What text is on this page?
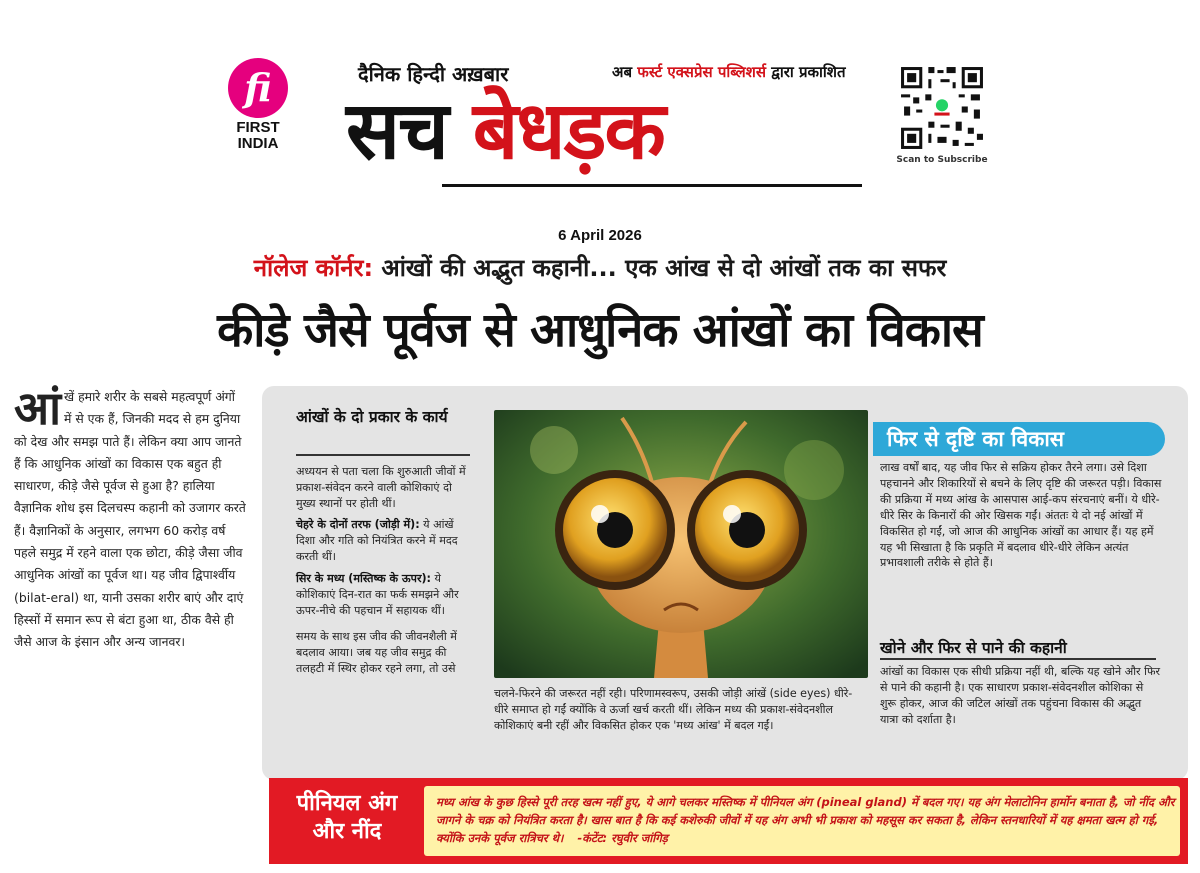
fi
FIRST
INDIA
दैनिक हिन्दी अख़बार	अब फर्स्ट एक्सप्रेस पब्लिशर्स द्वारा प्रकाशित
सच बेधड़क	Scan to Subscribe
6 April 2026
नॉलेज कॉर्नर: आंखों की अद्भुत कहानी... एक आंख से दो आंखों तक का सफर
कीड़े जैसे पूर्वज से आधुनिक आंखों का विकास
आंखें हमारे शरीर के सबसे महत्वपूर्ण अंगों में से एक हैं, जिनकी मदद से हम दुनिया को देख और समझ पाते हैं। लेकिन क्या आप जानते हैं कि आधुनिक आंखों का विकास एक बहुत ही साधारण, कीड़े जैसे पूर्वज से हुआ है? हालिया वैज्ञानिक शोध इस दिलचस्प कहानी को उजागर करते हैं। वैज्ञानिकों के अनुसार, लगभग 60 करोड़ वर्ष पहले समुद्र में रहने वाला एक छोटा, कीड़े जैसा जीव आधुनिक आंखों का पूर्वज था। यह जीव द्विपार्श्वीय (bilat-eral) था, यानी उसका शरीर बाएं और दाएं हिस्सों में समान रूप से बंटा हुआ था, ठीक वैसे ही जैसे आज के इंसान और अन्य जानवर।
आंखों के दो प्रकार के कार्य

अध्ययन से पता चला कि शुरुआती जीवों में प्रकाश-संवेदन करने वाली कोशिकाएं दो मुख्य स्थानों पर होती थीं।

चेहरे के दोनों तरफ (जोड़ी में): ये आंखें दिशा और गति को नियंत्रित करने में मदद करती थीं।

सिर के मध्य (मस्तिष्क के ऊपर): ये कोशिकाएं दिन-रात का फर्क समझने और ऊपर-नीचे की पहचान में सहायक थीं।

समय के साथ इस जीव की जीवनशैली में बदलाव आया। जब यह जीव समुद्र की तलहटी में स्थिर होकर रहने लगा, तो उसे

चलने-फिरने की जरूरत नहीं रही। परिणामस्वरूप, उसकी जोड़ी आंखें (side eyes) धीरे-धीरे समाप्त हो गईं क्योंकि वे ऊर्जा खर्च करती थीं। लेकिन मध्य की प्रकाश-संवेदनशील कोशिकाएं बनी रहीं और विकसित होकर एक 'मध्य आंख' में बदल गईं।
फिर से दृष्टि का विकास
लाख वर्षों बाद, यह जीव फिर से सक्रिय होकर तैरने लगा। उसे दिशा पहचानने और शिकारियों से बचने के लिए दृष्टि की जरूरत पड़ी। विकास की प्रक्रिया में मध्य आंख के आसपास आई-कप संरचनाएं बनीं। ये धीरे-धीरे सिर के किनारों की ओर खिसक गईं। अंततः ये दो नई आंखों में विकसित हो गईं, जो आज की आधुनिक आंखों का आधार हैं। यह हमें यह भी सिखाता है कि प्रकृति में बदलाव धीरे-धीरे लेकिन अत्यंत प्रभावशाली तरीके से होते हैं।
खोने और फिर से पाने की कहानी
आंखों का विकास एक सीधी प्रक्रिया नहीं थी, बल्कि यह खोने और फिर से पाने की कहानी है। एक साधारण प्रकाश-संवेदनशील कोशिका से शुरू होकर, आज की जटिल आंखों तक पहुंचना विकास की अद्भुत यात्रा को दर्शाता है।
पीनियल अंग और नींद
मध्य आंख के कुछ हिस्से पूरी तरह खत्म नहीं हुए, ये आगे चलकर मस्तिष्क में पीनियल अंग (pineal gland) में बदल गए। यह अंग मेलाटोनिन हार्मोन बनाता है, जो नींद और जागने के चक्र को नियंत्रित करता है। खास बात है कि कई कशेरुकी जीवों में यह अंग अभी भी प्रकाश को महसूस कर सकता है, लेकिन स्तनधारियों में यह क्षमता खत्म हो गई, क्योंकि उनके पूर्वज रात्रिचर थे। -कंटेंट: रघुवीर जांगिड़
